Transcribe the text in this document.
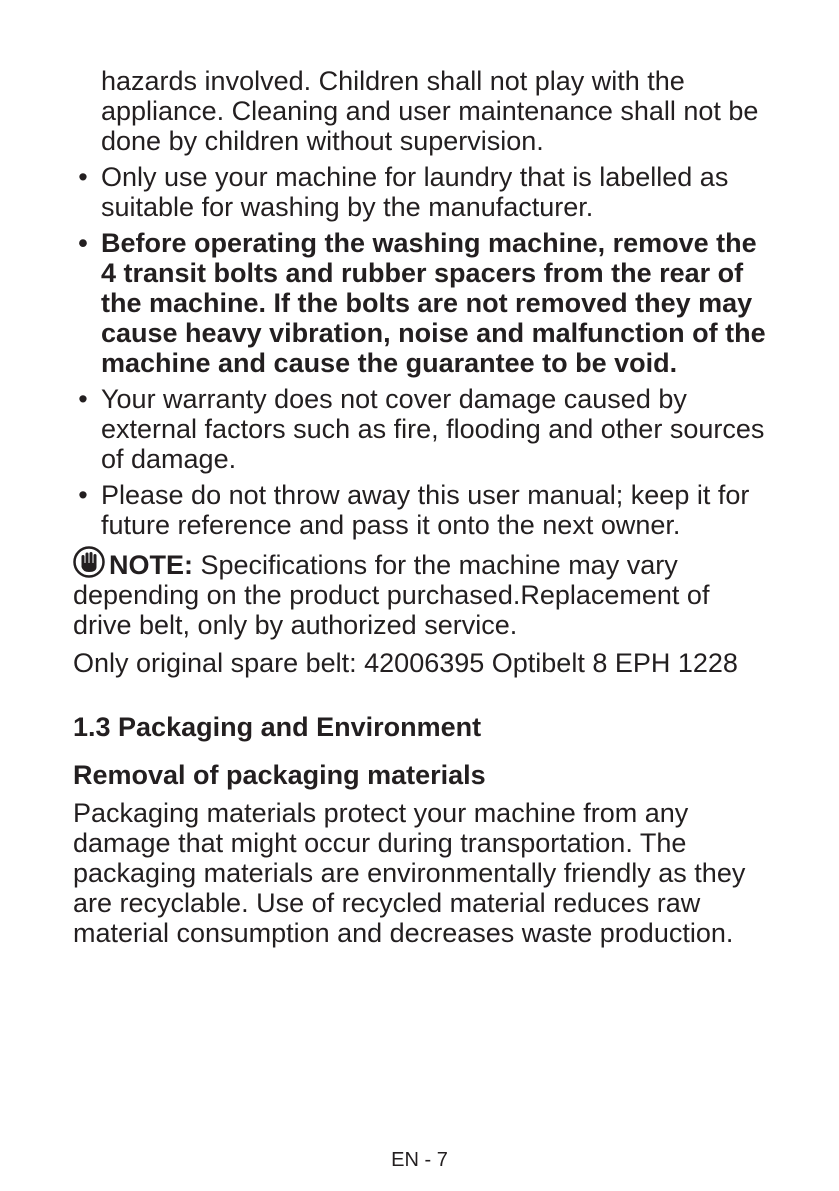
hazards involved. Children shall not play with the appliance. Cleaning and user maintenance shall not be done by children without supervision.

• Only use your machine for laundry that is labelled as suitable for washing by the manufacturer.
• Before operating the washing machine, remove the 4 transit bolts and rubber spacers from the rear of the machine. If the bolts are not removed they may cause heavy vibration, noise and malfunction of the machine and cause the guarantee to be void.
• Your warranty does not cover damage caused by external factors such as fire, flooding and other sources of damage.
• Please do not throw away this user manual; keep it for future reference and pass it onto the next owner.

NOTE: Specifications for the machine may vary depending on the product purchased.Replacement of drive belt, only by authorized service.

Only original spare belt: 42006395 Optibelt 8 EPH 1228

1.3 Packaging and Environment
Removal of packaging materials

Packaging materials protect your machine from any damage that might occur during transportation. The packaging materials are environmentally friendly as they are recyclable. Use of recycled material reduces raw material consumption and decreases waste production.

EN - 7
